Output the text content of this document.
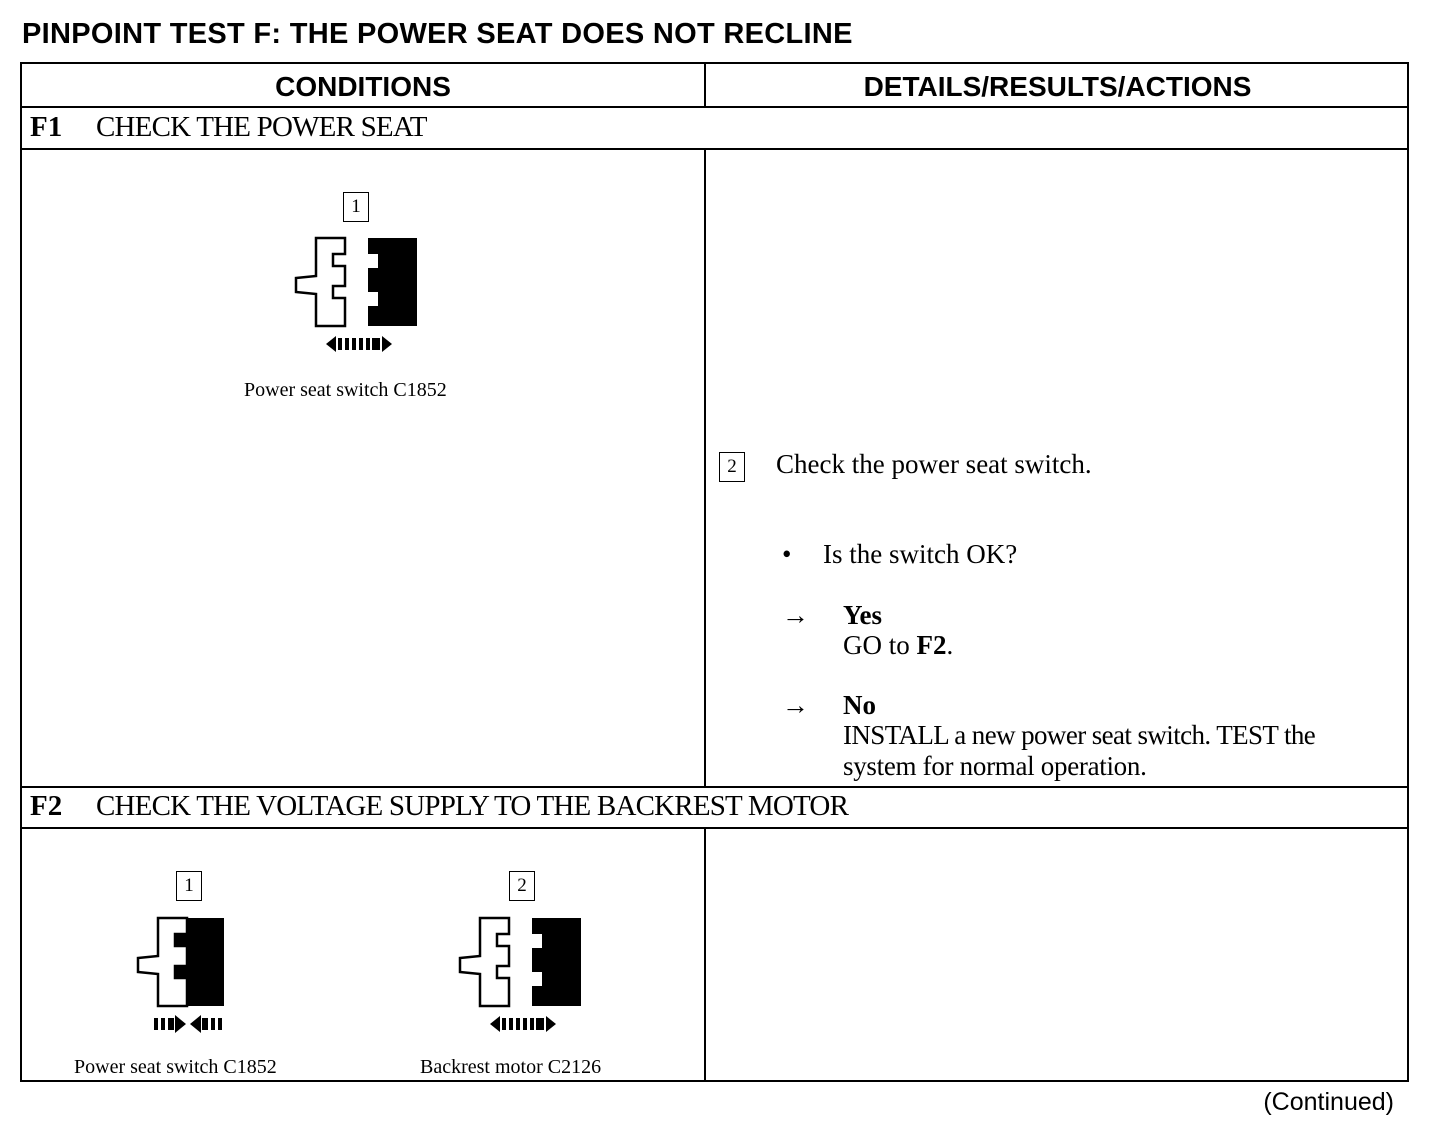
PINPOINT TEST F: THE POWER SEAT DOES NOT RECLINE
CONDITIONS	DETAILS/RESULTS/ACTIONS
F1 CHECK THE POWER SEAT
1
Power seat switch C1852
2	Check the power seat switch.
• Is the switch OK?
→ Yes
GO to F2.
→ No
INSTALL a new power seat switch. TEST the
system for normal operation.
F2 CHECK THE VOLTAGE SUPPLY TO THE BACKREST MOTOR
1
Power seat switch C1852
2
Backrest motor C2126
(Continued)
